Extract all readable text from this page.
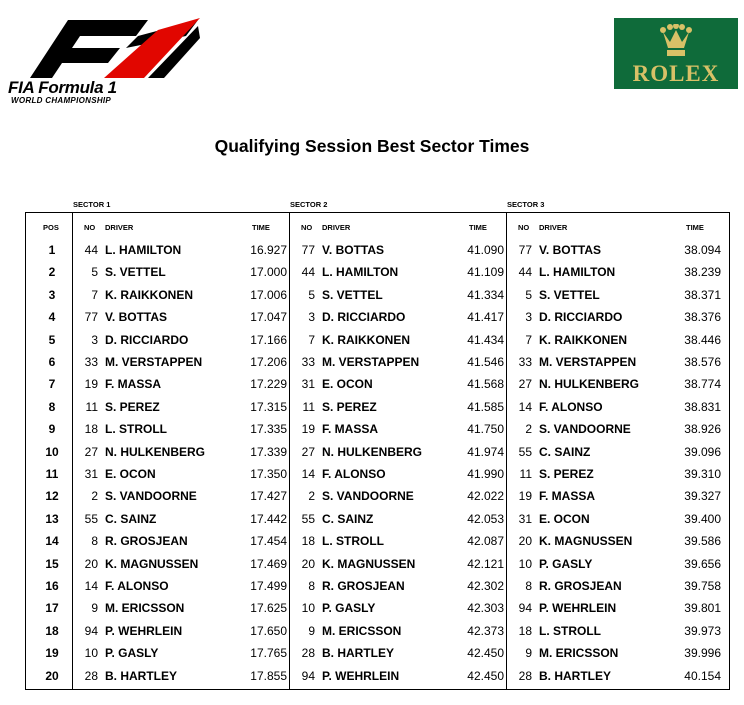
FIA Formula 1
WORLD CHAMPIONSHIP
ROLEX
Qualifying Session Best Sector Times
SECTOR 1	SECTOR 2	SECTOR 3
POS	NO DRIVER	TIME	NO DRIVER	TIME	NO DRIVER	TIME
1	44 L. HAMILTON	16.927	77 V. BOTTAS	41.090	77 V. BOTTAS	38.094
2	5 S. VETTEL	17.000	44 L. HAMILTON	41.109	44 L. HAMILTON	38.239
3	7 K. RAIKKONEN	17.006	5 S. VETTEL	41.334	5 S. VETTEL	38.371
4	77 V. BOTTAS	17.047	3 D. RICCIARDO	41.417	3 D. RICCIARDO	38.376
5	3 D. RICCIARDO	17.166	7 K. RAIKKONEN	41.434	7 K. RAIKKONEN	38.446
6	33 M. VERSTAPPEN	17.206	33 M. VERSTAPPEN	41.546	33 M. VERSTAPPEN	38.576
7	19 F. MASSA	17.229	31 E. OCON	41.568	27 N. HULKENBERG	38.774
8	11 S. PEREZ	17.315	11 S. PEREZ	41.585	14 F. ALONSO	38.831
9	18 L. STROLL	17.335	19 F. MASSA	41.750	2 S. VANDOORNE	38.926
10	27 N. HULKENBERG	17.339	27 N. HULKENBERG	41.974	55 C. SAINZ	39.096
11	31 E. OCON	17.350	14 F. ALONSO	41.990	11 S. PEREZ	39.310
12	2 S. VANDOORNE	17.427	2 S. VANDOORNE	42.022	19 F. MASSA	39.327
13	55 C. SAINZ	17.442	55 C. SAINZ	42.053	31 E. OCON	39.400
14	8 R. GROSJEAN	17.454	18 L. STROLL	42.087	20 K. MAGNUSSEN	39.586
15	20 K. MAGNUSSEN	17.469	20 K. MAGNUSSEN	42.121	10 P. GASLY	39.656
16	14 F. ALONSO	17.499	8 R. GROSJEAN	42.302	8 R. GROSJEAN	39.758
17	9 M. ERICSSON	17.625	10 P. GASLY	42.303	94 P. WEHRLEIN	39.801
18	94 P. WEHRLEIN	17.650	9 M. ERICSSON	42.373	18 L. STROLL	39.973
19	10 P. GASLY	17.765	28 B. HARTLEY	42.450	9 M. ERICSSON	39.996
20	28 B. HARTLEY	17.855	94 P. WEHRLEIN	42.450	28 B. HARTLEY	40.154
